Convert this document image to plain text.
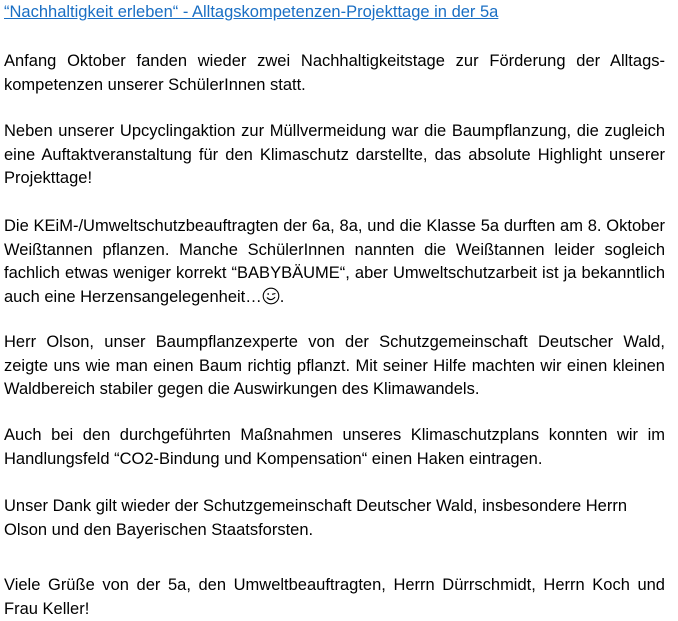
“Nachhaltigkeit erleben“ - Alltagskompetenzen-Projekttage in der 5a

Anfang Oktober fanden wieder zwei Nachhaltigkeitstage zur Förderung der Alltagskompetenzen unserer SchülerInnen statt.

Neben unserer Upcyclingaktion zur Müllvermeidung war die Baumpflanzung, die zugleich eine Auftaktveranstaltung für den Klimaschutz darstellte, das absolute Highlight unserer Projekttage!

Die KEiM-/Umweltschutzbeauftragten der 6a, 8a, und die Klasse 5a durften am 8. Oktober Weißtannen pflanzen. Manche SchülerInnen nannten die Weißtannen leider sogleich fachlich etwas weniger korrekt “BABYBÄUME“, aber Umweltschutzarbeit ist ja bekanntlich auch eine Herzensangelegenheit… .

Herr Olson, unser Baumpflanzexperte von der Schutzgemeinschaft Deutscher Wald, zeigte uns wie man einen Baum richtig pflanzt. Mit seiner Hilfe machten wir einen kleinen Waldbereich stabiler gegen die Auswirkungen des Klimawandels.

Auch bei den durchgeführten Maßnahmen unseres Klimaschutzplans konnten wir im Handlungsfeld “CO2-Bindung und Kompensation“ einen Haken eintragen.

Unser Dank gilt wieder der Schutzgemeinschaft Deutscher Wald, insbesondere Herrn Olson und den Bayerischen Staatsforsten.

Viele Grüße von der 5a, den Umweltbeauftragten, Herrn Dürrschmidt, Herrn Koch und Frau Keller!
